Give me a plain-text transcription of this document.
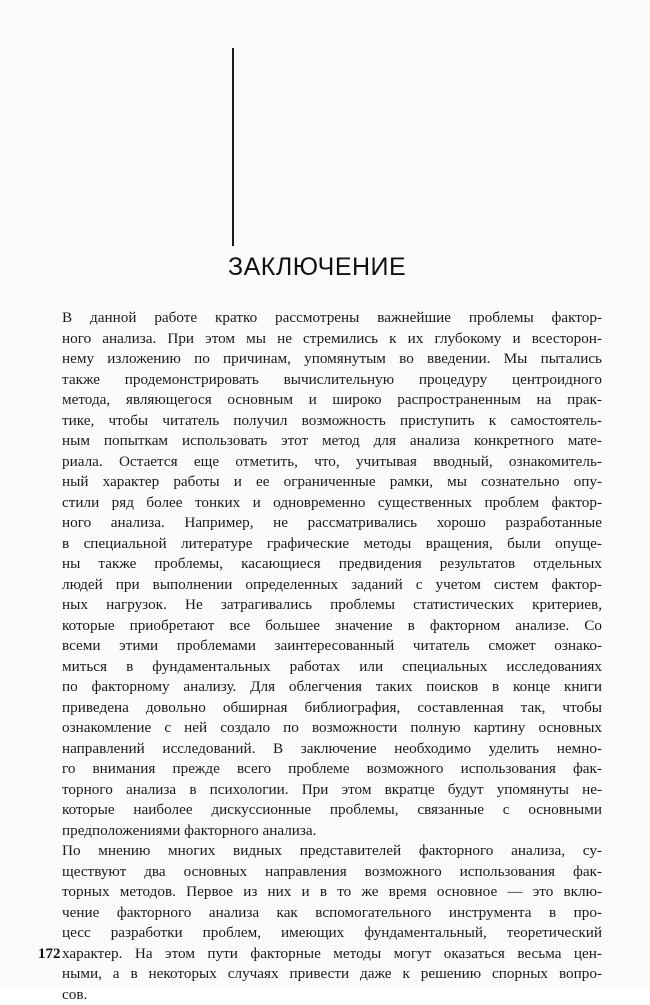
ЗАКЛЮЧЕНИЕ

В данной работе кратко рассмотрены важнейшие проблемы фактор-
ного анализа. При этом мы не стремились к их глубокому и всесторон-
нему изложению по причинам, упомянутым во введении. Мы пытались
также продемонстрировать вычислительную процедуру центроидного
метода, являющегося основным и широко распространенным на прак-
тике, чтобы читатель получил возможность приступить к самостоятель-
ным попыткам использовать этот метод для анализа конкретного мате-
риала. Остается еще отметить, что, учитывая вводный, ознакомитель-
ный характер работы и ее ограниченные рамки, мы сознательно опу-
стили ряд более тонких и одновременно существенных проблем фактор-
ного анализа. Например, не рассматривались хорошо разработанные
в специальной литературе графические методы вращения, были опуще-
ны также проблемы, касающиеся предвидения результатов отдельных
людей при выполнении определенных заданий с учетом систем фактор-
ных нагрузок. Не затрагивались проблемы статистических критериев,
которые приобретают все большее значение в факторном анализе. Со
всеми этими проблемами заинтересованный читатель сможет ознако-
миться в фундаментальных работах или специальных исследованиях
по факторному анализу. Для облегчения таких поисков в конце книги
приведена довольно обширная библиография, составленная так, чтобы
ознакомление с ней создало по возможности полную картину основных
направлений исследований. В заключение необходимо уделить немно-
го внимания прежде всего проблеме возможного использования фак-
торного анализа в психологии. При этом вкратце будут упомянуты не-
которые наиболее дискуссионные проблемы, связанные с основными
предположениями факторного анализа.

По мнению многих видных представителей факторного анализа, су-
ществуют два основных направления возможного использования фак-
торных методов. Первое из них и в то же время основное — это вклю-
чение факторного анализа как вспомогательного инструмента в про-
цесс разработки проблем, имеющих фундаментальный, теоретический
характер. На этом пути факторные методы могут оказаться весьма цен-
ными, а в некоторых случаях привести даже к решению спорных вопро-
сов.

172
